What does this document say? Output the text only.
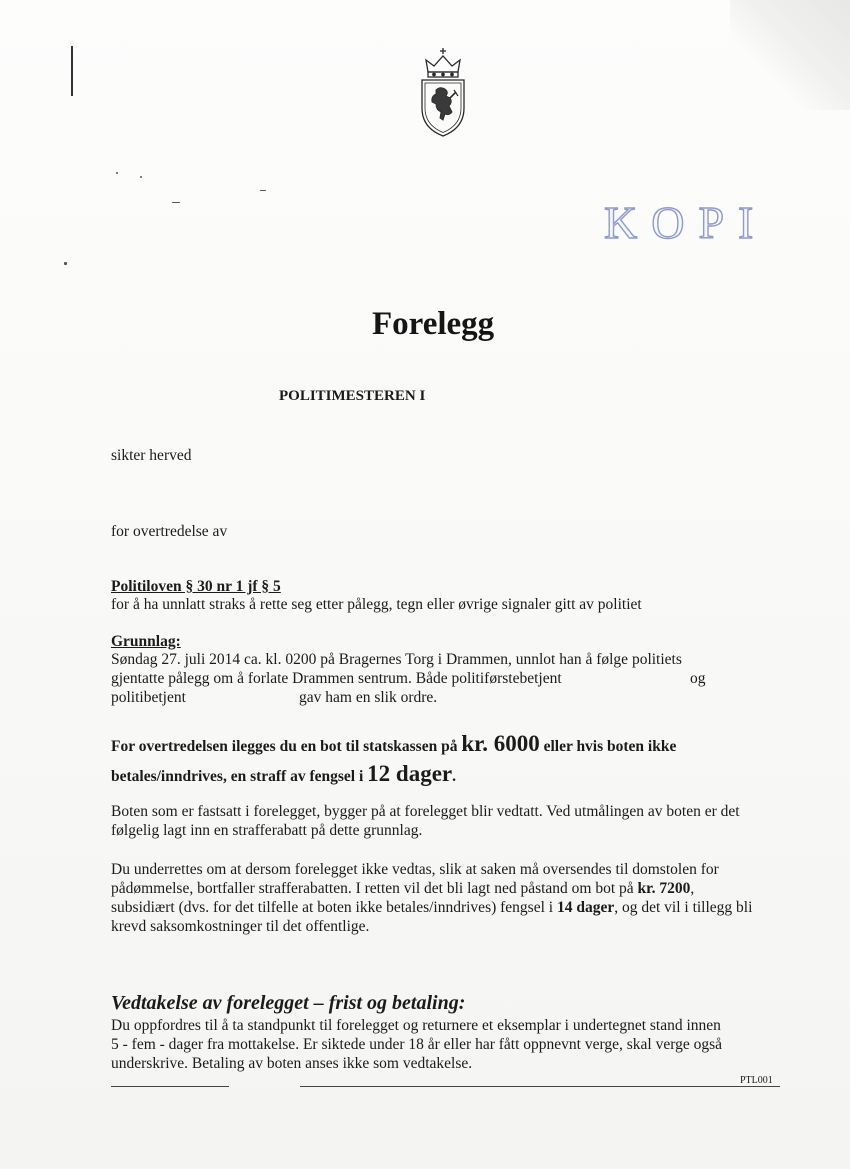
KOPI
Forelegg
POLITIMESTEREN I
sikter herved
for overtredelse av
Politiloven § 30 nr 1 jf § 5
for å ha unnlatt straks å rette seg etter pålegg, tegn eller øvrige signaler gitt av politiet
Grunnlag:
Søndag 27. juli 2014 ca. kl. 0200 på Bragernes Torg i Drammen, unnlot han å følge politiets
gjentatte pålegg om å forlate Drammen sentrum. Både politiførstebetjent	og
politibetjent	gav ham en slik ordre.
For overtredelsen ilegges du en bot til statskassen på kr. 6000 eller hvis boten ikke
betales/inndrives, en straff av fengsel i 12 dager.
Boten som er fastsatt i forelegget, bygger på at forelegget blir vedtatt. Ved utmålingen av boten er det
følgelig lagt inn en strafferabatt på dette grunnlag.
Du underrettes om at dersom forelegget ikke vedtas, slik at saken må oversendes til domstolen for
pådømmelse, bortfaller strafferabatten. I retten vil det bli lagt ned påstand om bot på kr. 7200,
subsidiært (dvs. for det tilfelle at boten ikke betales/inndrives) fengsel i 14 dager, og det vil i tillegg bli
krevd saksomkostninger til det offentlige.
Vedtakelse av forelegget – frist og betaling:
Du oppfordres til å ta standpunkt til forelegget og returnere et eksemplar i undertegnet stand innen
5 - fem - dager fra mottakelse. Er siktede under 18 år eller har fått oppnevnt verge, skal verge også
underskrive. Betaling av boten anses ikke som vedtakelse.
PTL001
